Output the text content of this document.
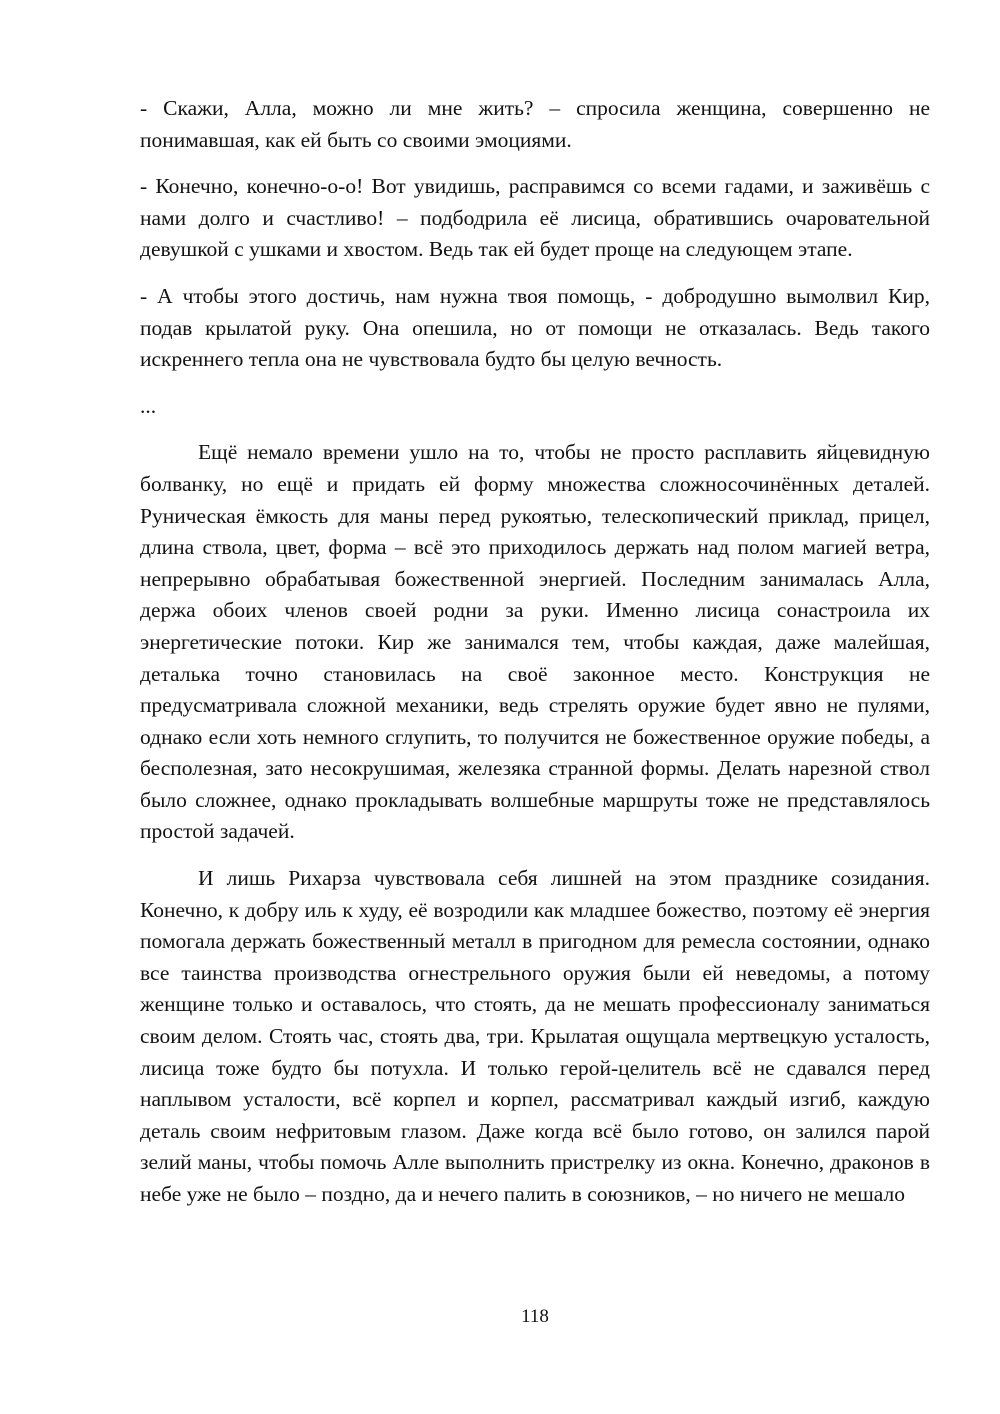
- Скажи, Алла, можно ли мне жить? – спросила женщина, совершенно не понимавшая, как ей быть со своими эмоциями.

- Конечно, конечно-о-о! Вот увидишь, расправимся со всеми гадами, и заживёшь с нами долго и счастливо! – подбодрила её лисица, обратившись очаровательной девушкой с ушками и хвостом. Ведь так ей будет проще на следующем этапе.

- А чтобы этого достичь, нам нужна твоя помощь, - добродушно вымолвил Кир, подав крылатой руку. Она опешила, но от помощи не отказалась. Ведь такого искреннего тепла она не чувствовала будто бы целую вечность.

...

Ещё немало времени ушло на то, чтобы не просто расплавить яйцевидную болванку, но ещё и придать ей форму множества сложносочинённых деталей. Руническая ёмкость для маны перед рукоятью, телескопический приклад, прицел, длина ствола, цвет, форма – всё это приходилось держать над полом магией ветра, непрерывно обрабатывая божественной энергией. Последним занималась Алла, держа обоих членов своей родни за руки. Именно лисица сонастроила их энергетические потоки. Кир же занимался тем, чтобы каждая, даже малейшая, деталька точно становилась на своё законное место. Конструкция не предусматривала сложной механики, ведь стрелять оружие будет явно не пулями, однако если хоть немного сглупить, то получится не божественное оружие победы, а бесполезная, зато несокрушимая, железяка странной формы. Делать нарезной ствол было сложнее, однако прокладывать волшебные маршруты тоже не представлялось простой задачей.

И лишь Рихарза чувствовала себя лишней на этом празднике созидания. Конечно, к добру иль к худу, её возродили как младшее божество, поэтому её энергия помогала держать божественный металл в пригодном для ремесла состоянии, однако все таинства производства огнестрельного оружия были ей неведомы, а потому женщине только и оставалось, что стоять, да не мешать профессионалу заниматься своим делом. Стоять час, стоять два, три. Крылатая ощущала мертвецкую усталость, лисица тоже будто бы потухла. И только герой-целитель всё не сдавался перед наплывом усталости, всё корпел и корпел, рассматривал каждый изгиб, каждую деталь своим нефритовым глазом. Даже когда всё было готово, он залился парой зелий маны, чтобы помочь Алле выполнить пристрелку из окна. Конечно, драконов в небе уже не было – поздно, да и нечего палить в союзников, – но ничего не мешало

118
